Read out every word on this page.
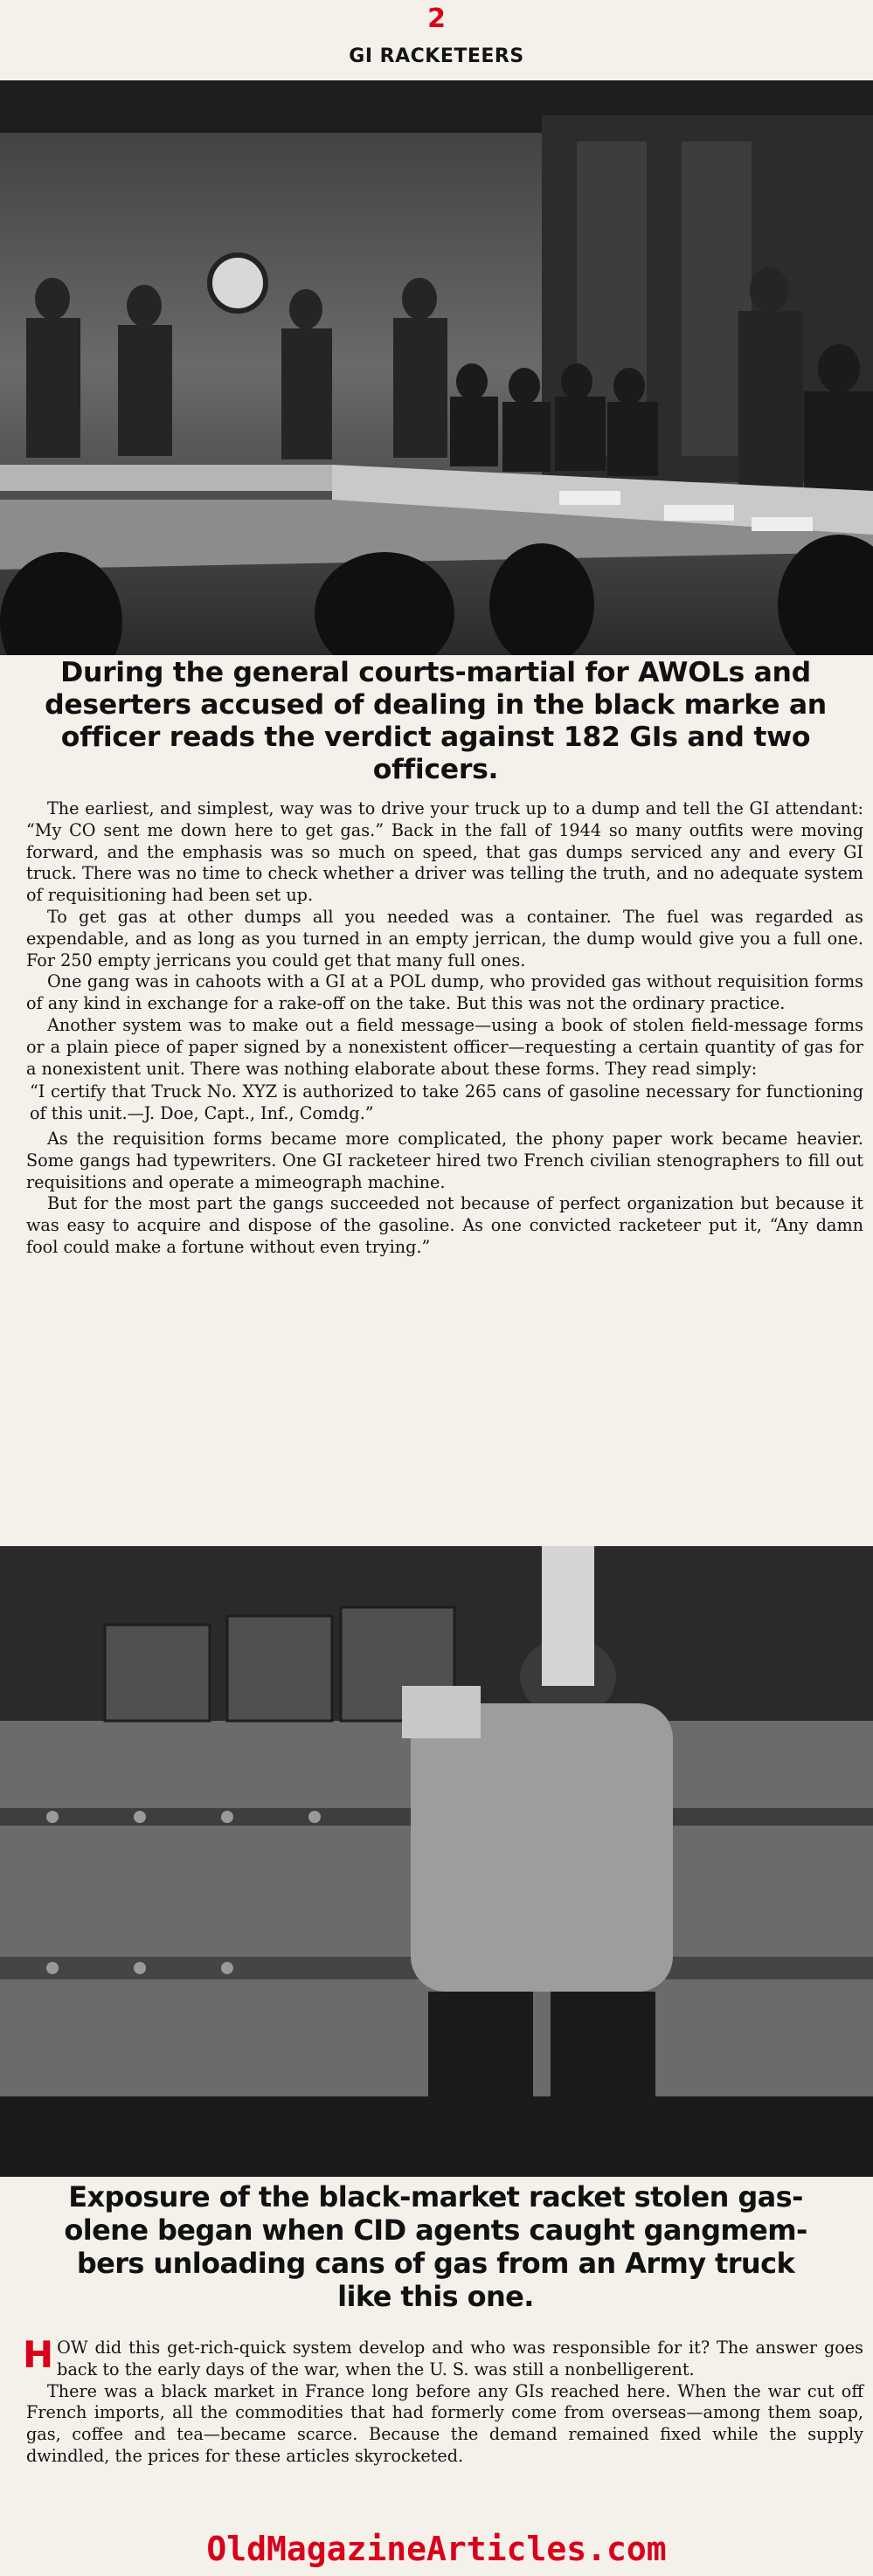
2
GI RACKETEERS
During the general courts-martial for AWOLs and
deserters accused of dealing in the black marke an
officer reads the verdict against 182 GIs and two
officers.

The earliest, and simplest, way was to drive your truck up to a dump and tell the GI attendant: “My CO sent me down here to get gas.” Back in the fall of 1944 so many outfits were moving forward, and the emphasis was so much on speed, that gas dumps serviced any and every GI truck. There was no time to check whether a driver was telling the truth, and no adequate system of requisitioning had been set up.

To get gas at other dumps all you needed was a container. The fuel was regarded as expendable, and as long as you turned in an empty jerrican, the dump would give you a full one. For 250 empty jerricans you could get that many full ones.

One gang was in cahoots with a GI at a POL dump, who provided gas without requisition forms of any kind in exchange for a rake-off on the take. But this was not the ordinary practice.

Another system was to make out a field message—using a book of stolen field-message forms or a plain piece of paper signed by a nonexistent officer—requesting a certain quantity of gas for a nonexistent unit. There was nothing elaborate about these forms. They read simply:

“I certify that Truck No. XYZ is authorized to take 265 cans of gasoline necessary for functioning of this unit.—J. Doe, Capt., Inf., Comdg.”

As the requisition forms became more complicated, the phony paper work became heavier. Some gangs had typewriters. One GI racketeer hired two French civilian stenographers to fill out requisitions and operate a mimeograph machine.

But for the most part the gangs succeeded not because of perfect organization but because it was easy to acquire and dispose of the gasoline. As one convicted racketeer put it, “Any damn fool could make a fortune without even trying.”

Exposure of the black-market racket stolen gas-
olene began when CID agents caught gangmem-
bers unloading cans of gas from an Army truck
like this one.

HOW did this get-rich-quick system develop and who was responsible for it? The answer goes back to the early days of the war, when the U. S. was still a nonbelligerent.

There was a black market in France long before any GIs reached here. When the war cut off French imports, all the commodities that had formerly come from overseas—among them soap, gas, coffee and tea—became scarce. Because the demand remained fixed while the supply dwindled, the prices for these articles skyrocketed.

OldMagazineArticles.com
